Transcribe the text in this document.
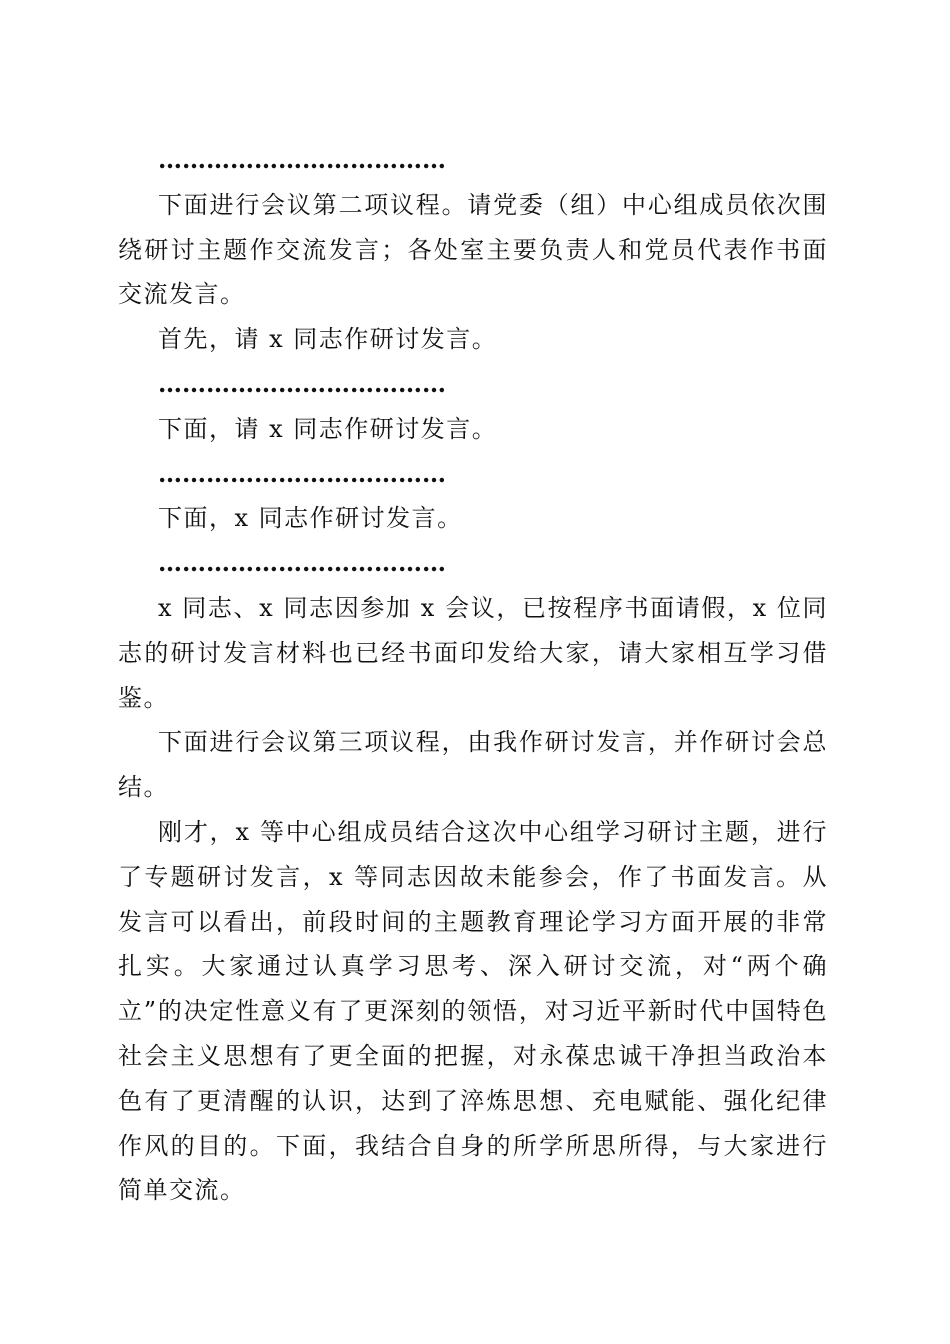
………………………………

下面进行会议第二项议程。请党委（组）中心组成员依次围绕研讨主题作交流发言；各处室主要负责人和党员代表作书面交流发言。

首先，请 x 同志作研讨发言。

………………………………

下面，请 x 同志作研讨发言。

………………………………

下面，x 同志作研讨发言。

………………………………

x 同志、x 同志因参加 x 会议，已按程序书面请假，x 位同志的研讨发言材料也已经书面印发给大家，请大家相互学习借鉴。

下面进行会议第三项议程，由我作研讨发言，并作研讨会总结。

刚才，x 等中心组成员结合这次中心组学习研讨主题，进行了专题研讨发言，x 等同志因故未能参会，作了书面发言。从发言可以看出，前段时间的主题教育理论学习方面开展的非常扎实。大家通过认真学习思考、深入研讨交流，对“两个确立”的决定性意义有了更深刻的领悟，对习近平新时代中国特色社会主义思想有了更全面的把握，对永葆忠诚干净担当政治本色有了更清醒的认识，达到了淬炼思想、充电赋能、强化纪律作风的目的。下面，我结合自身的所学所思所得，与大家进行简单交流。
